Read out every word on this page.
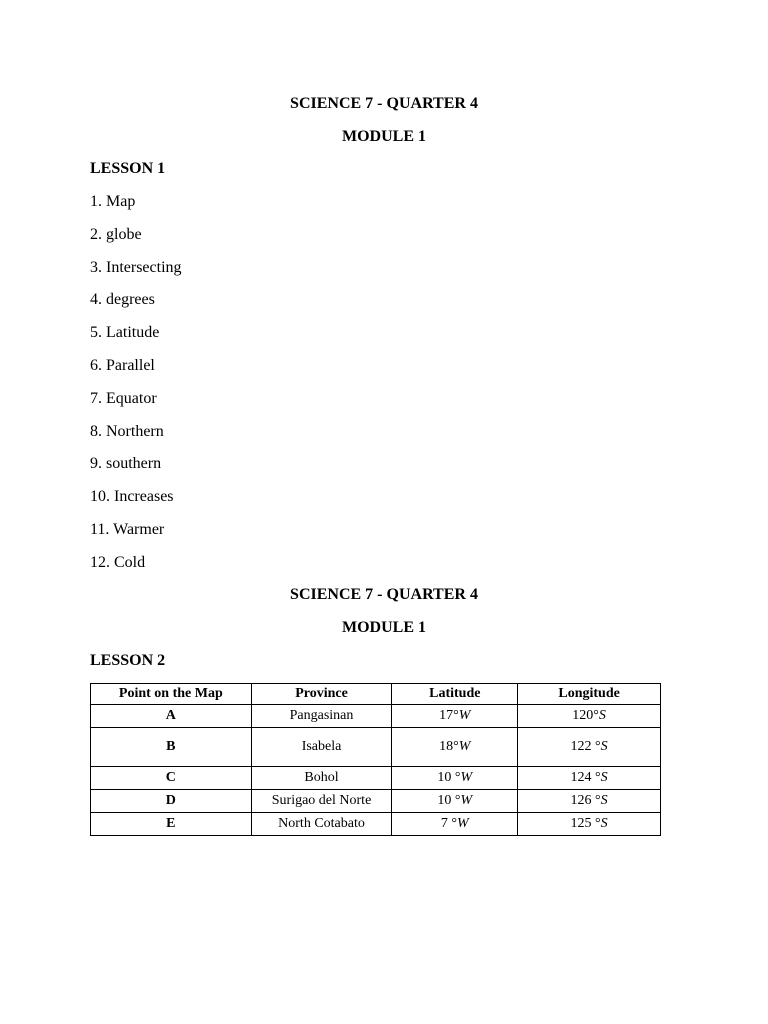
SCIENCE 7 - QUARTER 4
MODULE 1
LESSON 1
1. Map
2. globe
3. Intersecting
4. degrees
5. Latitude
6. Parallel
7. Equator
8. Northern
9. southern
10. Increases
11. Warmer
12. Cold
SCIENCE 7 - QUARTER 4
MODULE 1
LESSON 2
Point on the Map	Province	Latitude	Longitude
A	Pangasinan	17°W	120°S
B	Isabela	18°W	122 °S
C	Bohol	10 °W	124 °S
D	Surigao del Norte	10 °W	126 °S
E	North Cotabato	7 °W	125 °S
